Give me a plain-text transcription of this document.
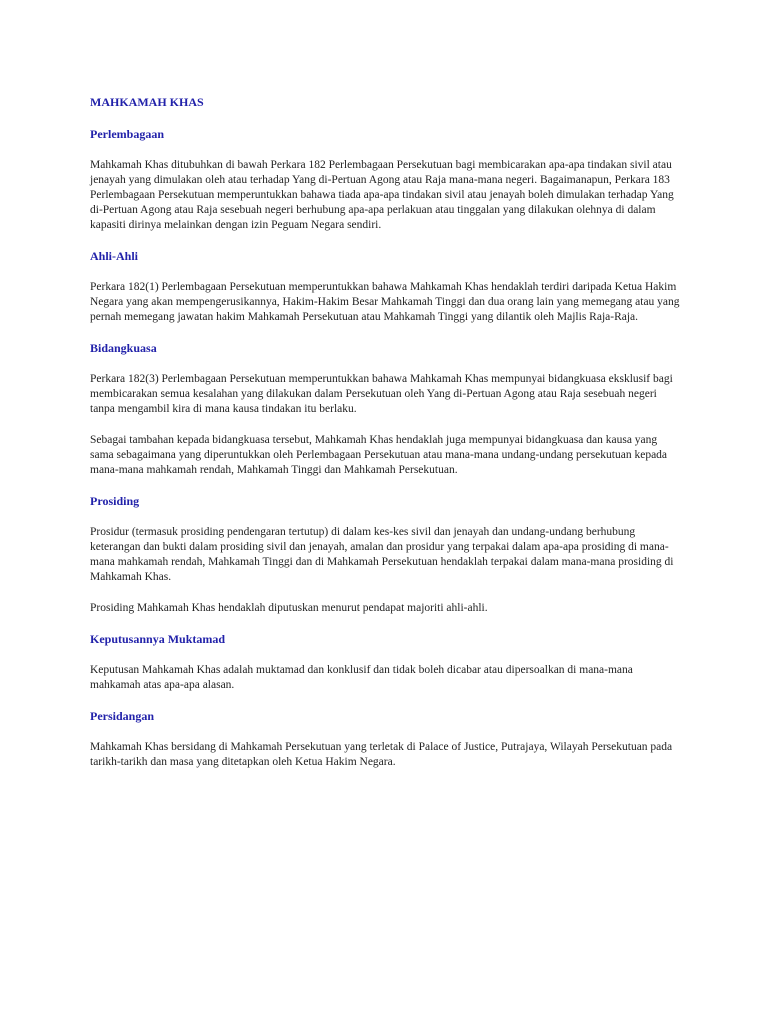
MAHKAMAH KHAS
Perlembagaan

Mahkamah Khas ditubuhkan di bawah Perkara 182 Perlembagaan Persekutuan bagi membicarakan apa-apa tindakan sivil atau jenayah yang dimulakan oleh atau terhadap Yang di-Pertuan Agong atau Raja mana-mana negeri. Bagaimanapun, Perkara 183 Perlembagaan Persekutuan memperuntukkan bahawa tiada apa-apa tindakan sivil atau jenayah boleh dimulakan terhadap Yang di-Pertuan Agong atau Raja sesebuah negeri berhubung apa-apa perlakuan atau tinggalan yang dilakukan olehnya di dalam kapasiti dirinya melainkan dengan izin Peguam Negara sendiri.

Ahli-Ahli

Perkara 182(1) Perlembagaan Persekutuan memperuntukkan bahawa Mahkamah Khas hendaklah terdiri daripada Ketua Hakim Negara yang akan mempengerusikannya, Hakim-Hakim Besar Mahkamah Tinggi dan dua orang lain yang memegang atau yang pernah memegang jawatan hakim Mahkamah Persekutuan atau Mahkamah Tinggi yang dilantik oleh Majlis Raja-Raja.

Bidangkuasa

Perkara 182(3) Perlembagaan Persekutuan memperuntukkan bahawa Mahkamah Khas mempunyai bidangkuasa eksklusif bagi membicarakan semua kesalahan yang dilakukan dalam Persekutuan oleh Yang di-Pertuan Agong atau Raja sesebuah negeri tanpa mengambil kira di mana kausa tindakan itu berlaku.

Sebagai tambahan kepada bidangkuasa tersebut, Mahkamah Khas hendaklah juga mempunyai bidangkuasa dan kausa yang sama sebagaimana yang diperuntukkan oleh Perlembagaan Persekutuan atau mana-mana undang-undang persekutuan kepada mana-mana mahkamah rendah, Mahkamah Tinggi dan Mahkamah Persekutuan.

Prosiding

Prosidur (termasuk prosiding pendengaran tertutup) di dalam kes-kes sivil dan jenayah dan undang-undang berhubung keterangan dan bukti dalam prosiding sivil dan jenayah, amalan dan prosidur yang terpakai dalam apa-apa prosiding di mana-mana mahkamah rendah, Mahkamah Tinggi dan di Mahkamah Persekutuan hendaklah terpakai dalam mana-mana prosiding di Mahkamah Khas.

Prosiding Mahkamah Khas hendaklah diputuskan menurut pendapat majoriti ahli-ahli.

Keputusannya Muktamad

Keputusan Mahkamah Khas adalah muktamad dan konklusif dan tidak boleh dicabar atau dipersoalkan di mana-mana mahkamah atas apa-apa alasan.

Persidangan

Mahkamah Khas bersidang di Mahkamah Persekutuan yang terletak di Palace of Justice, Putrajaya, Wilayah Persekutuan pada tarikh-tarikh dan masa yang ditetapkan oleh Ketua Hakim Negara.
